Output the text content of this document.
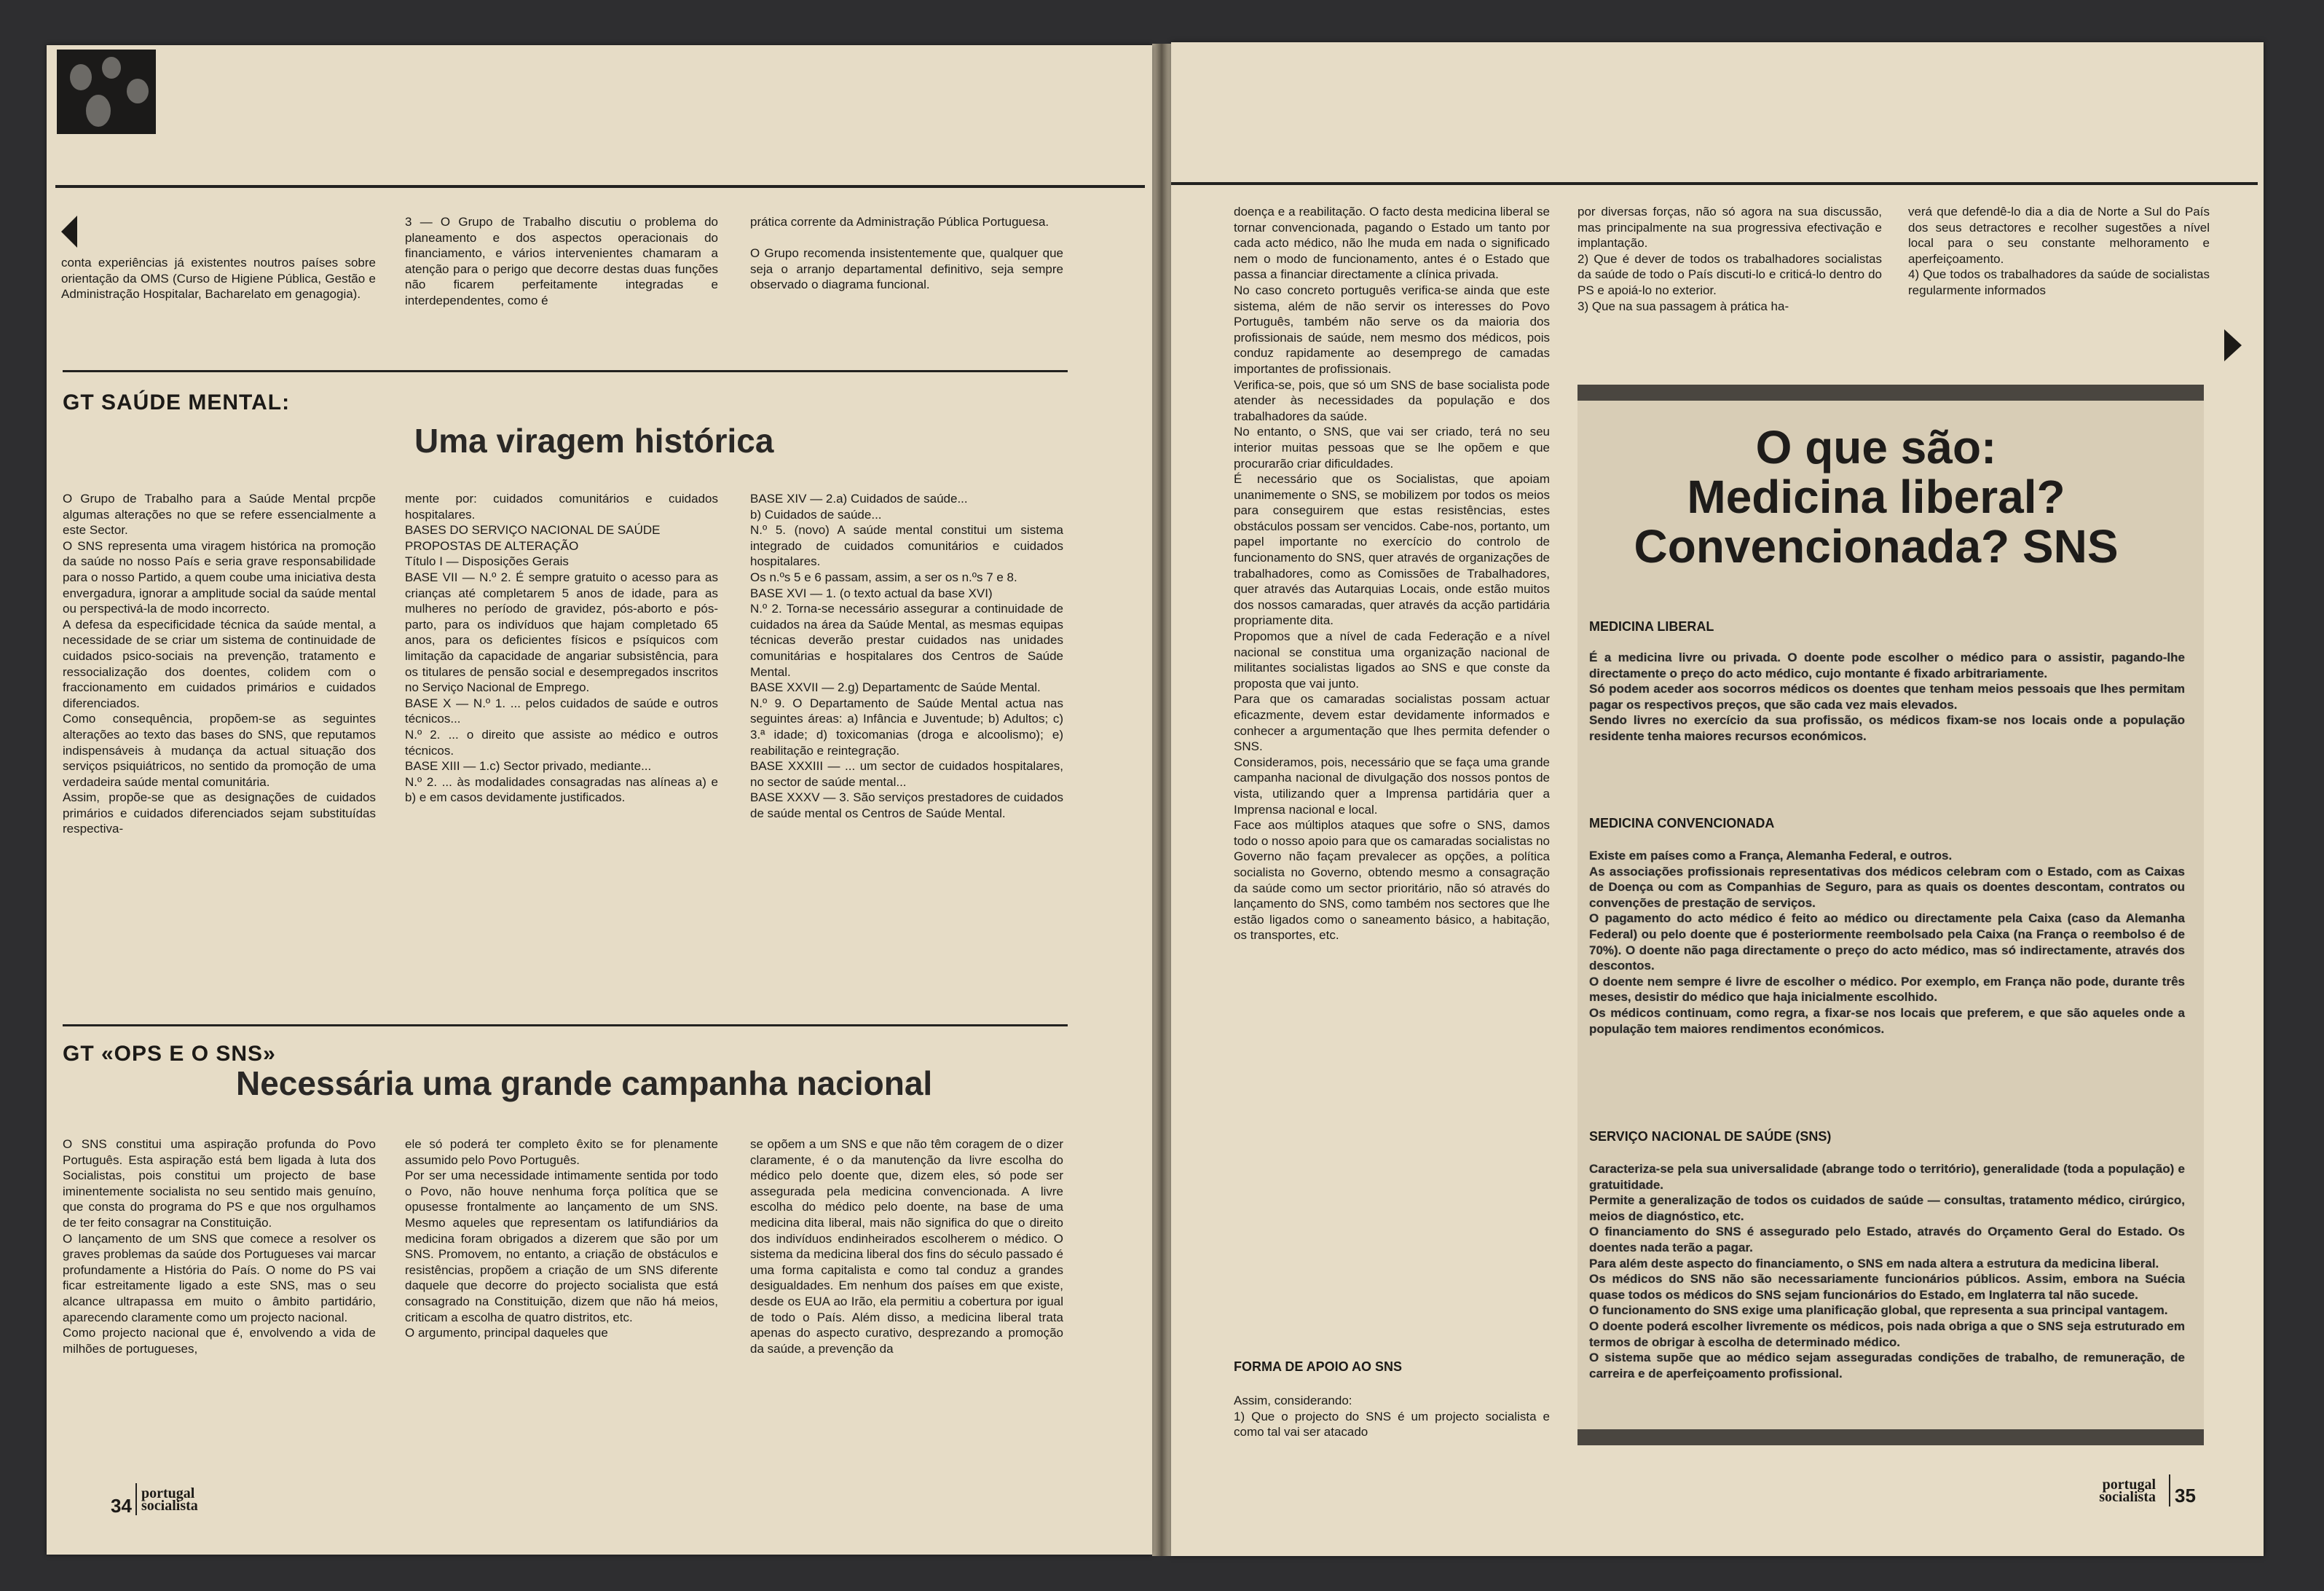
conta experiências já existentes noutros países sobre orientação da OMS (Curso de Higiene Pública, Gestão e Administração Hospitalar, Bacharelato em genagogia).
3 — O Grupo de Trabalho discutiu o problema do planeamento e dos aspectos operacionais do financiamento, e vários intervenientes chamaram a atenção para o perigo que decorre destas duas funções não ficarem perfeitamente integradas e interdependentes, como é
prática corrente da Administração Pública Portuguesa.

O Grupo recomenda insistentemente que, qualquer que seja o arranjo departamental definitivo, seja sempre observado o diagrama funcional.
GT SAÚDE MENTAL:
Uma viragem histórica
O Grupo de Trabalho para a Saúde Mental prcpõe algumas alterações no que se refere essencialmente a este Sector.
O SNS representa uma viragem histórica na promoção da saúde no nosso País e seria grave responsabilidade para o nosso Partido, a quem coube uma iniciativa desta envergadura, ignorar a amplitude social da saúde mental ou perspectivá-la de modo incorrecto.
A defesa da especificidade técnica da saúde mental, a necessidade de se criar um sistema de continuidade de cuidados psico-sociais na prevenção, tratamento e ressocialização dos doentes, colidem com o fraccionamento em cuidados primários e cuidados diferenciados.
Como consequência, propõem-se as seguintes alterações ao texto das bases do SNS, que reputamos indispensáveis à mudança da actual situação dos serviços psiquiátricos, no sentido da promoção de uma verdadeira saúde mental comunitária.
Assim, propõe-se que as designações de cuidados primários e cuidados diferenciados sejam substituídas respectiva-
mente por: cuidados comunitários e cuidados hospitalares.
BASES DO SERVIÇO NACIONAL DE SAÚDE
PROPOSTAS DE ALTERAÇÃO
Título I — Disposições Gerais
BASE VII — N.º 2. É sempre gratuito o acesso para as crianças até completarem 5 anos de idade, para as mulheres no período de gravidez, pós-aborto e pós-parto, para os indivíduos que hajam completado 65 anos, para os deficientes físicos e psíquicos com limitação da capacidade de angariar subsistência, para os titulares de pensão social e desempregados inscritos no Serviço Nacional de Emprego.
BASE X — N.º 1. ... pelos cuidados de saúde e outros técnicos...
N.º 2. ... o direito que assiste ao médico e outros técnicos.
BASE XIII — 1.c) Sector privado, mediante...
N.º 2. ... às modalidades consagradas nas alíneas a) e b) e em casos devidamente justificados.
BASE XIV — 2.a) Cuidados de saúde...
b) Cuidados de saúde...
N.º 5. (novo) A saúde mental constitui um sistema integrado de cuidados comunitários e cuidados hospitalares.
Os n.ºs 5 e 6 passam, assim, a ser os n.ºs 7 e 8.
BASE XVI — 1. (o texto actual da base XVI)
N.º 2. Torna-se necessário assegurar a continuidade de cuidados na área da Saúde Mental, as mesmas equipas técnicas deverão prestar cuidados nas unidades comunitárias e hospitalares dos Centros de Saúde Mental.
BASE XXVII — 2.g) Departamentc de Saúde Mental.
N.º 9. O Departamento de Saúde Mental actua nas seguintes áreas: a) Infância e Juventude; b) Adultos; c) 3.ª idade; d) toxicomanias (droga e alcoolismo); e) reabilitação e reintegração.
BASE XXXIII — ... um sector de cuidados hospitalares, no sector de saúde mental...
BASE XXXV — 3. São serviços prestadores de cuidados de saúde mental os Centros de Saúde Mental.
GT «OPS E O SNS»
Necessária uma grande campanha nacional
O SNS constitui uma aspiração profunda do Povo Português. Esta aspiração está bem ligada à luta dos Socialistas, pois constitui um projecto de base iminentemente socialista no seu sentido mais genuíno, que consta do programa do PS e que nos orgulhamos de ter feito consagrar na Constituição.
O lançamento de um SNS que comece a resolver os graves problemas da saúde dos Portugueses vai marcar profundamente a História do País. O nome do PS vai ficar estreitamente ligado a este SNS, mas o seu alcance ultrapassa em muito o âmbito partidário, aparecendo claramente como um projecto nacional.
Como projecto nacional que é, envolvendo a vida de milhões de portugueses,
ele só poderá ter completo êxito se for plenamente assumido pelo Povo Português.
Por ser uma necessidade intimamente sentida por todo o Povo, não houve nenhuma força política que se opusesse frontalmente ao lançamento de um SNS. Mesmo aqueles que representam os latifundiários da medicina foram obrigados a dizerem que são por um SNS. Promovem, no entanto, a criação de obstáculos e resistências, propõem a criação de um SNS diferente daquele que decorre do projecto socialista que está consagrado na Constituição, dizem que não há meios, criticam a escolha de quatro distritos, etc.
O argumento, principal daqueles que
se opõem a um SNS e que não têm coragem de o dizer claramente, é o da manutenção da livre escolha do médico pelo doente que, dizem eles, só pode ser assegurada pela medicina convencionada. A livre escolha do médico pelo doente, na base de uma medicina dita liberal, mais não significa do que o direito dos indivíduos endinheirados escolherem o médico. O sistema da medicina liberal dos fins do século passado é uma forma capitalista e como tal conduz a grandes desigualdades. Em nenhum dos países em que existe, desde os EUA ao Irão, ela permitiu a cobertura por igual de todo o País. Além disso, a medicina liberal trata apenas do aspecto curativo, desprezando a promoção da saúde, a prevenção da
34
portugal socialista
doença e a reabilitação. O facto desta medicina liberal se tornar convencionada, pagando o Estado um tanto por cada acto médico, não lhe muda em nada o significado nem o modo de funcionamento, antes é o Estado que passa a financiar directamente a clínica privada.
No caso concreto português verifica-se ainda que este sistema, além de não servir os interesses do Povo Português, também não serve os da maioria dos profissionais de saúde, nem mesmo dos médicos, pois conduz rapidamente ao desemprego de camadas importantes de profissionais.
Verifica-se, pois, que só um SNS de base socialista pode atender às necessidades da população e dos trabalhadores da saúde.
No entanto, o SNS, que vai ser criado, terá no seu interior muitas pessoas que se lhe opõem e que procurarão criar dificuldades.
É necessário que os Socialistas, que apoiam unanimemente o SNS, se mobilizem por todos os meios para conseguirem que estas resistências, estes obstáculos possam ser vencidos. Cabe-nos, portanto, um papel importante no exercício do controlo de funcionamento do SNS, quer através de organizações de trabalhadores, como as Comissões de Trabalhadores, quer através das Autarquias Locais, onde estão muitos dos nossos camaradas, quer através da acção partidária propriamente dita.
Propomos que a nível de cada Federação e a nível nacional se constitua uma organização nacional de militantes socialistas ligados ao SNS e que conste da proposta que vai junto.
Para que os camaradas socialistas possam actuar eficazmente, devem estar devidamente informados e conhecer a argumentação que lhes permita defender o SNS.
Consideramos, pois, necessário que se faça uma grande campanha nacional de divulgação dos nossos pontos de vista, utilizando quer a Imprensa partidária quer a Imprensa nacional e local.
Face aos múltiplos ataques que sofre o SNS, damos todo o nosso apoio para que os camaradas socialistas no Governo não façam prevalecer as opções, a política socialista no Governo, obtendo mesmo a consagração da saúde como um sector prioritário, não só através do lançamento do SNS, como também nos sectores que lhe estão ligados como o saneamento básico, a habitação, os transportes, etc.
FORMA DE APOIO AO SNS
Assim, considerando:
1) Que o projecto do SNS é um projecto socialista e como tal vai ser atacado
por diversas forças, não só agora na sua discussão, mas principalmente na sua progressiva efectivação e implantação.
2) Que é dever de todos os trabalhadores socialistas da saúde de todo o País discuti-lo e criticá-lo dentro do PS e apoiá-lo no exterior.
3) Que na sua passagem à prática ha-
verá que defendê-lo dia a dia de Norte a Sul do País dos seus detractores e recolher sugestões a nível local para o seu constante melhoramento e aperfeiçoamento.
4) Que todos os trabalhadores da saúde de socialistas regularmente informados
O que são:
Medicina liberal?
Convencionada? SNS
MEDICINA LIBERAL
É a medicina livre ou privada. O doente pode escolher o médico para o assistir, pagando-lhe directamente o preço do acto médico, cujo montante é fixado arbitrariamente.
Só podem aceder aos socorros médicos os doentes que tenham meios pessoais que lhes permitam pagar os respectivos preços, que são cada vez mais elevados.
Sendo livres no exercício da sua profissão, os médicos fixam-se nos locais onde a população residente tenha maiores recursos económicos.
MEDICINA CONVENCIONADA
Existe em países como a França, Alemanha Federal, e outros.
As associações profissionais representativas dos médicos celebram com o Estado, com as Caixas de Doença ou com as Companhias de Seguro, para as quais os doentes descontam, contratos ou convenções de prestação de serviços.
O pagamento do acto médico é feito ao médico ou directamente pela Caixa (caso da Alemanha Federal) ou pelo doente que é posteriormente reembolsado pela Caixa (na França o reembolso é de 70%). O doente não paga directamente o preço do acto médico, mas só indirectamente, através dos descontos.
O doente nem sempre é livre de escolher o médico. Por exemplo, em França não pode, durante três meses, desistir do médico que haja inicialmente escolhido.
Os médicos continuam, como regra, a fixar-se nos locais que preferem, e que são aqueles onde a população tem maiores rendimentos económicos.
SERVIÇO NACIONAL DE SAÚDE (SNS)
Caracteriza-se pela sua universalidade (abrange todo o território), generalidade (toda a população) e gratuitidade.
Permite a generalização de todos os cuidados de saúde — consultas, tratamento médico, cirúrgico, meios de diagnóstico, etc.
O financiamento do SNS é assegurado pelo Estado, através do Orçamento Geral do Estado. Os doentes nada terão a pagar.
Para além deste aspecto do financiamento, o SNS em nada altera a estrutura da medicina liberal.
Os médicos do SNS não são necessariamente funcionários públicos. Assim, embora na Suécia quase todos os médicos do SNS sejam funcionários do Estado, em Inglaterra tal não sucede.
O funcionamento do SNS exige uma planificação global, que representa a sua principal vantagem.
O doente poderá escolher livremente os médicos, pois nada obriga a que o SNS seja estruturado em termos de obrigar à escolha de determinado médico.
O sistema supõe que ao médico sejam asseguradas condições de trabalho, de remuneração, de carreira e de aperfeiçoamento profissional.
portugal socialista 35
